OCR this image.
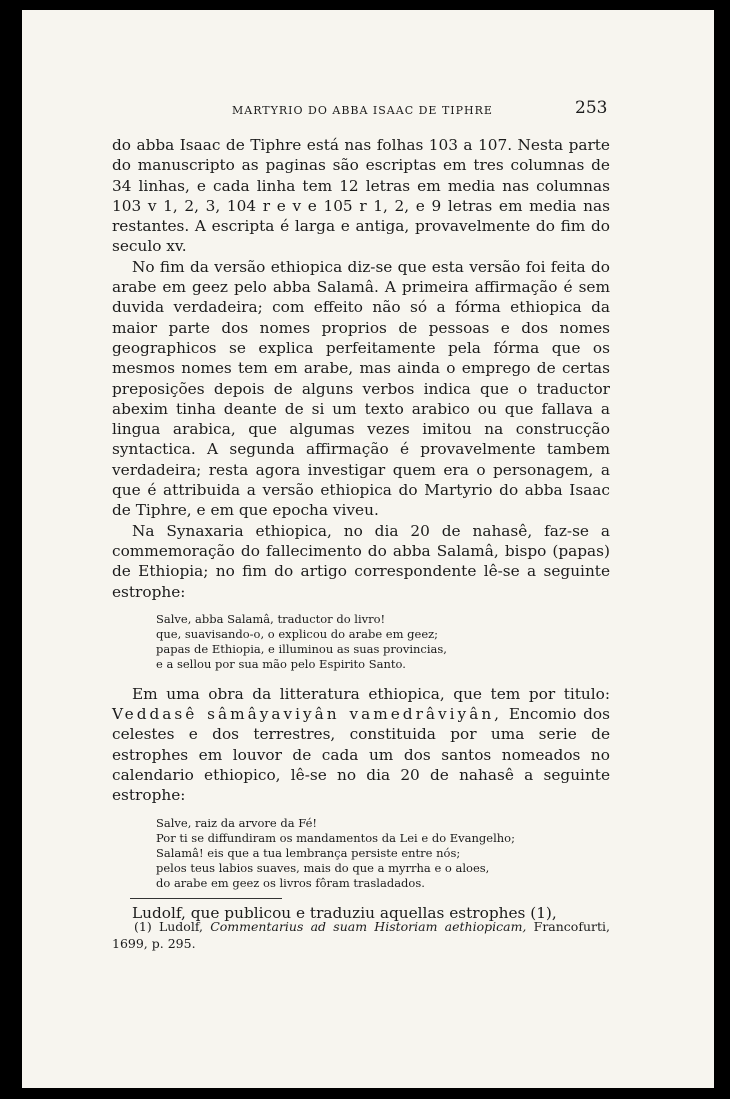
MARTYRIO DO ABBA ISAAC DE TIPHRE	253

do abba Isaac de Tiphre está nas folhas 103 a 107. Nesta parte do manuscripto as paginas são escriptas em tres columnas de 34 linhas, e cada linha tem 12 letras em media nas columnas 103 v 1, 2, 3, 104 r e v e 105 r 1, 2, e 9 letras em media nas restantes. A escripta é larga e antiga, provavelmente do fim do seculo xv.

No fim da versão ethiopica diz-se que esta versão foi feita do arabe em geez pelo abba Salamâ. A primeira affirmação é sem duvida verdadeira; com effeito não só a fórma ethiopica da maior parte dos nomes proprios de pessoas e dos nomes geographicos se explica perfeitamente pela fórma que os mesmos nomes tem em arabe, mas ainda o emprego de certas preposições depois de alguns verbos indica que o traductor abexim tinha deante de si um texto arabico ou que fallava a lingua arabica, que algumas vezes imitou na construcção syntactica. A segunda affirmação é provavelmente tambem verdadeira; resta agora investigar quem era o personagem, a que é attribuida a versão ethiopica do Martyrio do abba Isaac de Tiphre, e em que epocha viveu.

Na Synaxaria ethiopica, no dia 20 de nahasê, faz-se a commemoração do fallecimento do abba Salamâ, bispo (papas) de Ethiopia; no fim do artigo correspondente lê-se a seguinte estrophe:

Salve, abba Salamâ, traductor do livro!
que, suavisando-o, o explicou do arabe em geez;
papas de Ethiopia, e illuminou as suas provincias,
e a sellou por sua mão pelo Espirito Santo.

Em uma obra da litteratura ethiopica, que tem por titulo: Veddasê sâmâyaviyân vamedrâviyân, Encomio dos celestes e dos terrestres, constituida por uma serie de estrophes em louvor de cada um dos santos nomeados no calendario ethiopico, lê-se no dia 20 de nahasê a seguinte estrophe:

Salve, raiz da arvore da Fé!
Por ti se diffundiram os mandamentos da Lei e do Evangelho;
Salamâ! eis que a tua lembrança persiste entre nós;
pelos teus labios suaves, mais do que a myrrha e o aloes,
do arabe em geez os livros fôram trasladados.

Ludolf, que publicou e traduziu aquellas estrophes (1),

(1) Ludolf, Commentarius ad suam Historiam aethiopicam, Francofurti, 1699, p. 295.
